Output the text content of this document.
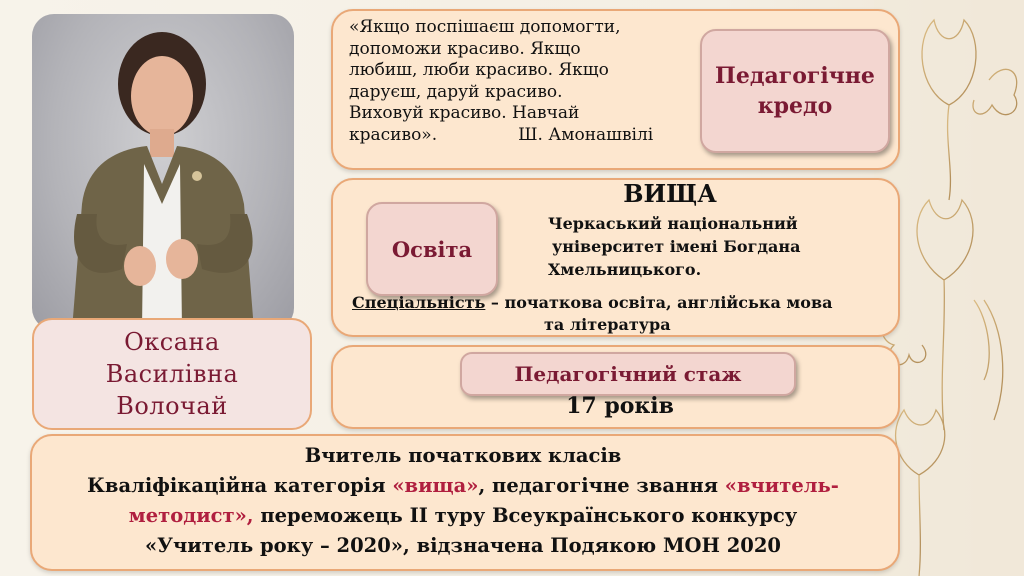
Оксана
Василівна
Волочай
«Якщо поспішаєш допомогти,
допоможи красиво. Якщо
любиш, люби красиво. Якщо
даруєш, даруй красиво.
Виховуй красиво. Навчай
красиво».               Ш. Амонашвілі
Педагогічне
кредо
Освіта
ВИЩА
Черкаський національний
університет імені Богдана
Хмельницького.
Спеціальність – початкова освіта, англійська мова
та література
Педагогічний стаж
17 років
Вчитель початкових класів
Кваліфікаційна категорія «вища», педагогічне звання «вчитель-
методист», переможець ІІ туру Всеукраїнського конкурсу
«Учитель року – 2020», відзначена Подякою МОН 2020
